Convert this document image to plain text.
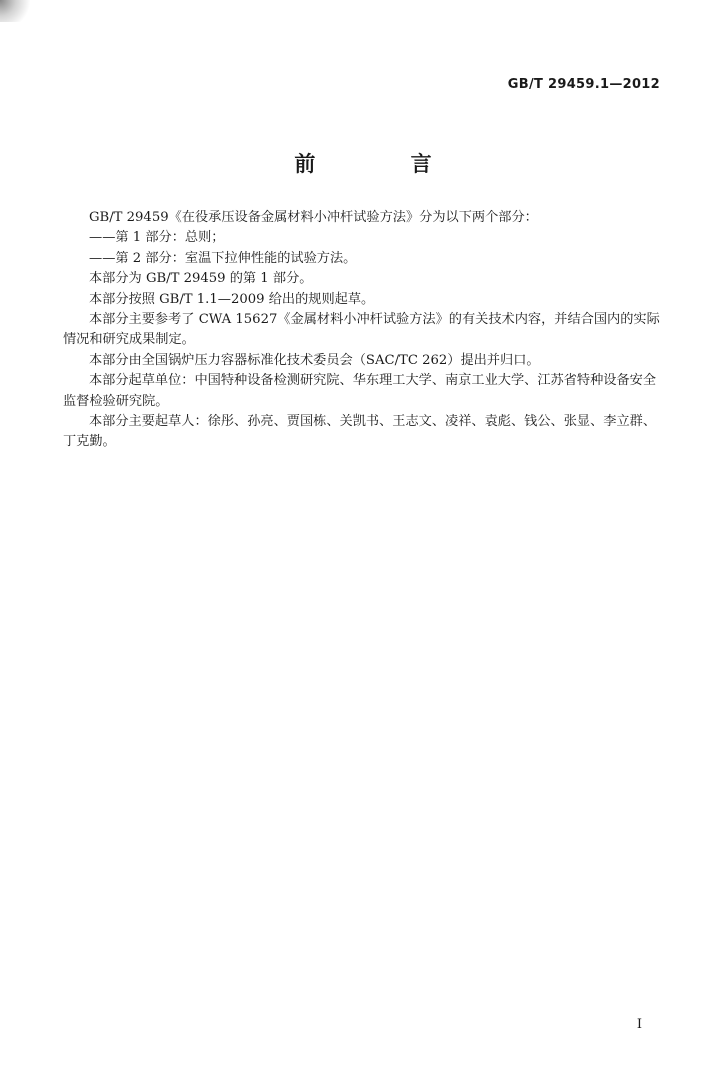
GB/T 29459.1—2012
前 言

GB/T 29459《在役承压设备金属材料小冲杆试验方法》分为以下两个部分：

——第 1 部分：总则；

——第 2 部分：室温下拉伸性能的试验方法。

本部分为 GB/T 29459 的第 1 部分。

本部分按照 GB/T 1.1—2009 给出的规则起草。

本部分主要参考了 CWA 15627《金属材料小冲杆试验方法》的有关技术内容，并结合国内的实际情况和研究成果制定。

本部分由全国锅炉压力容器标准化技术委员会（SAC/TC 262）提出并归口。

本部分起草单位：中国特种设备检测研究院、华东理工大学、南京工业大学、江苏省特种设备安全监督检验研究院。

本部分主要起草人：徐彤、孙亮、贾国栋、关凯书、王志文、凌祥、袁彪、钱公、张显、李立群、丁克勤。

I
